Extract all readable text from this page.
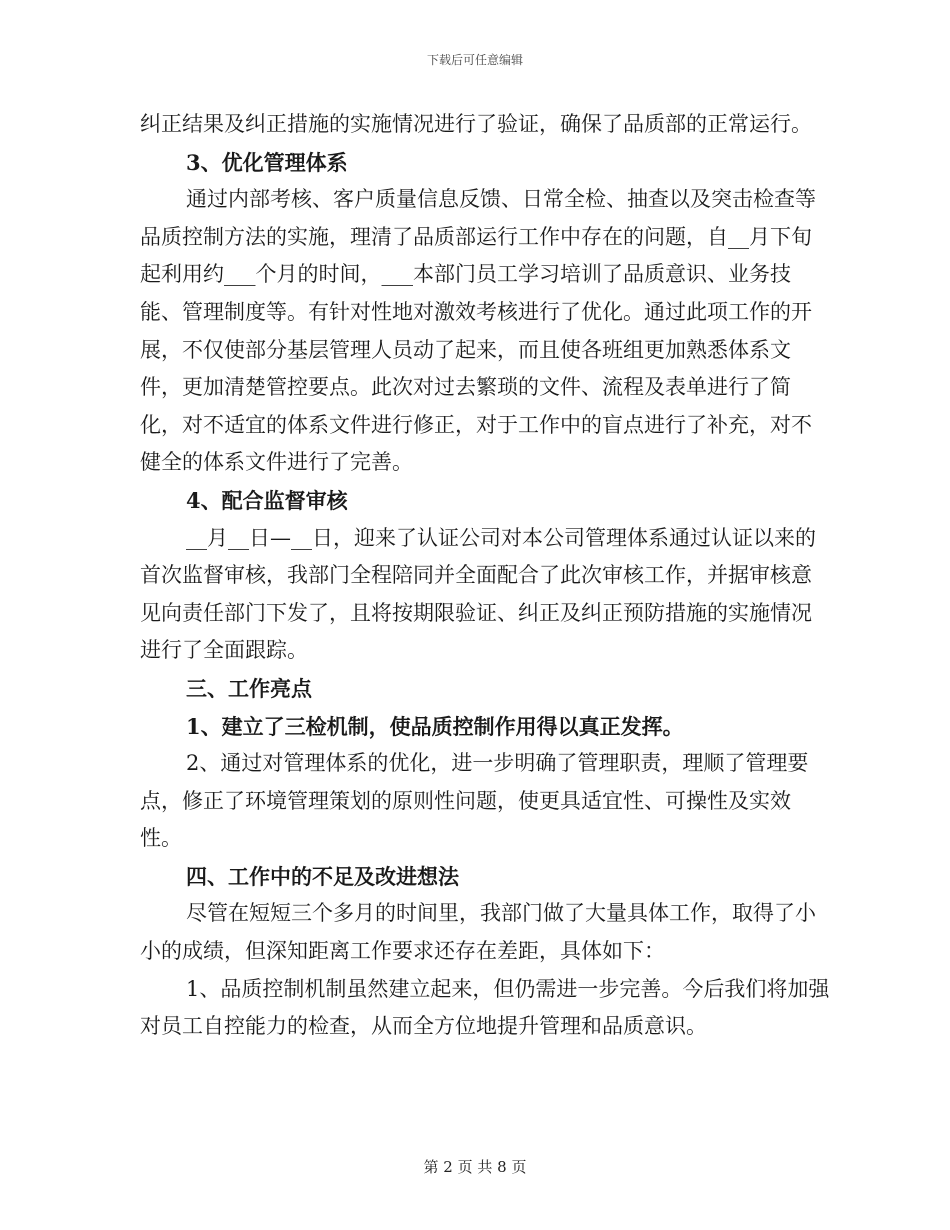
下载后可任意编辑

纠正结果及纠正措施的实施情况进行了验证，确保了品质部的正常运行。

3、优化管理体系

通过内部考核、客户质量信息反馈、日常全检、抽查以及突击检查等品质控制方法的实施，理清了品质部运行工作中存在的问题，自__月下旬起利用约___个月的时间，___本部门员工学习培训了品质意识、业务技能、管理制度等。有针对性地对激效考核进行了优化。通过此项工作的开展，不仅使部分基层管理人员动了起来，而且使各班组更加熟悉体系文件，更加清楚管控要点。此次对过去繁琐的文件、流程及表单进行了简化，对不适宜的体系文件进行修正，对于工作中的盲点进行了补充，对不健全的体系文件进行了完善。

4、配合监督审核

__月__日—__日，迎来了认证公司对本公司管理体系通过认证以来的首次监督审核，我部门全程陪同并全面配合了此次审核工作，并据审核意见向责任部门下发了，且将按期限验证、纠正及纠正预防措施的实施情况进行了全面跟踪。

三、工作亮点

1、建立了三检机制，使品质控制作用得以真正发挥。

2、通过对管理体系的优化，进一步明确了管理职责，理顺了管理要点，修正了环境管理策划的原则性问题，使更具适宜性、可操性及实效性。

四、工作中的不足及改进想法

尽管在短短三个多月的时间里，我部门做了大量具体工作，取得了小小的成绩，但深知距离工作要求还存在差距，具体如下：

1、品质控制机制虽然建立起来，但仍需进一步完善。今后我们将加强对员工自控能力的检查，从而全方位地提升管理和品质意识。

第 2 页 共 8 页
